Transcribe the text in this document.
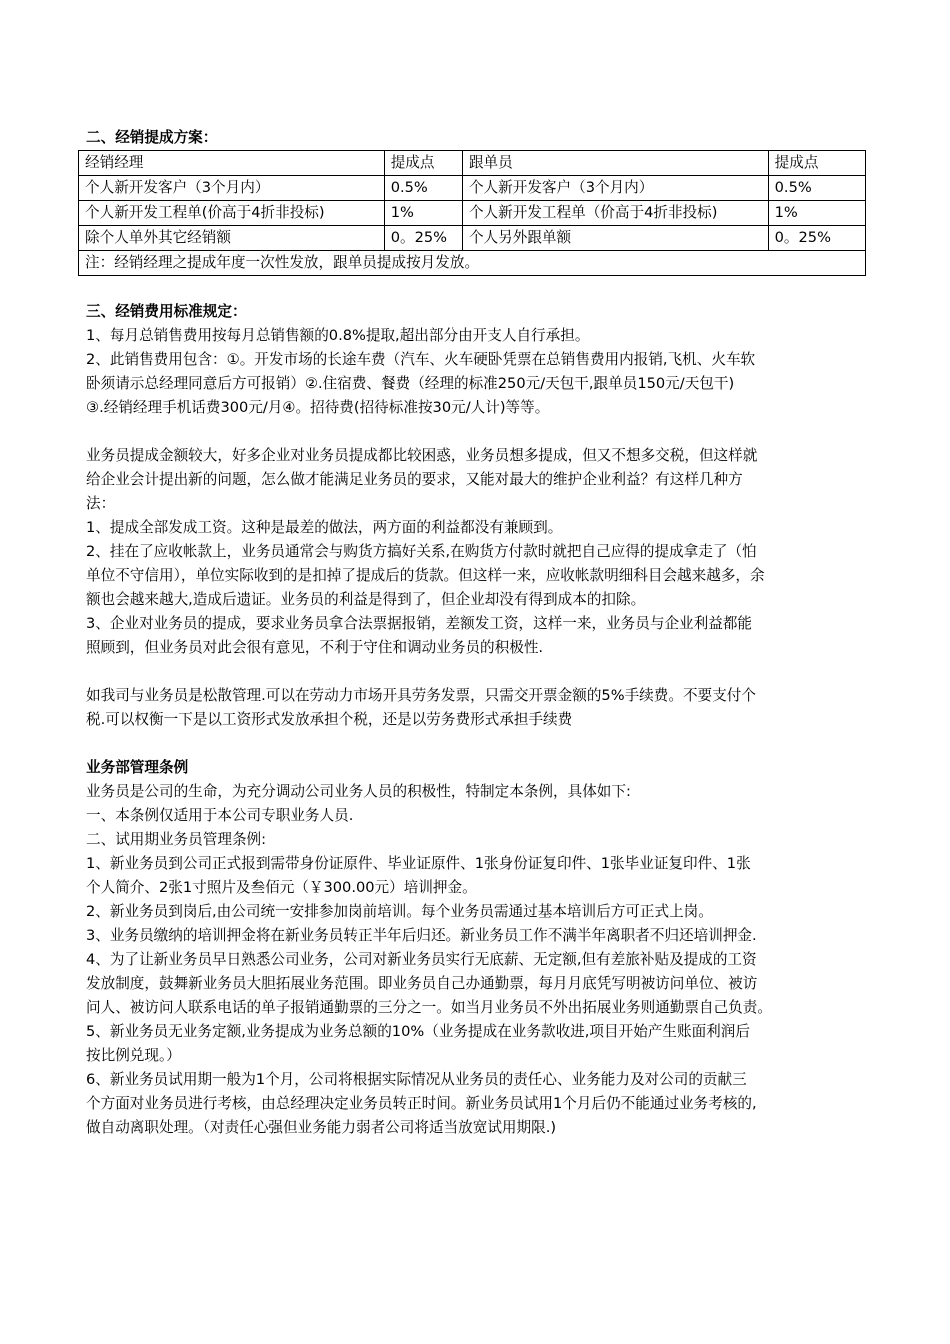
二、经销提成方案：
经销经理	提成点	跟单员	提成点
个人新开发客户（3个月内）	0.5%	个人新开发客户（3个月内）	0.5%
个人新开发工程单(价高于4折非投标)	1%	个人新开发工程单（价高于4折非投标)	1%
除个人单外其它经销额	0。25%	个人另外跟单额	0。25%
注：经销经理之提成年度一次性发放，跟单员提成按月发放。			
三、经销费用标准规定：
1、每月总销售费用按每月总销售额的0.8%提取,超出部分由开支人自行承担。
2、此销售费用包含：①。开发市场的长途车费（汽车、火车硬卧凭票在总销售费用内报销,飞机、火车软
卧须请示总经理同意后方可报销）②.住宿费、餐费（经理的标准250元/天包干,跟单员150元/天包干)
③.经销经理手机话费300元/月④。招待费(招待标准按30元/人计)等等。
业务员提成金额较大，好多企业对业务员提成都比较困惑，业务员想多提成，但又不想多交税，但这样就
给企业会计提出新的问题，怎么做才能满足业务员的要求，又能对最大的维护企业利益？有这样几种方
法：
1、提成全部发成工资。这种是最差的做法，两方面的利益都没有兼顾到。
2、挂在了应收帐款上，业务员通常会与购货方搞好关系,在购货方付款时就把自己应得的提成拿走了（怕
单位不守信用），单位实际收到的是扣掉了提成后的货款。但这样一来，应收帐款明细科目会越来越多，余
额也会越来越大,造成后遗证。业务员的利益是得到了，但企业却没有得到成本的扣除。
3、企业对业务员的提成，要求业务员拿合法票据报销，差额发工资，这样一来，业务员与企业利益都能
照顾到，但业务员对此会很有意见，不利于守住和调动业务员的积极性.
如我司与业务员是松散管理.可以在劳动力市场开具劳务发票，只需交开票金额的5%手续费。不要支付个
税.可以权衡一下是以工资形式发放承担个税，还是以劳务费形式承担手续费
业务部管理条例
业务员是公司的生命，为充分调动公司业务人员的积极性，特制定本条例，具体如下:
一、本条例仅适用于本公司专职业务人员.
二、试用期业务员管理条例:
1、新业务员到公司正式报到需带身份证原件、毕业证原件、1张身份证复印件、1张毕业证复印件、1张
个人简介、2张1寸照片及叁佰元（￥300.00元）培训押金。
2、新业务员到岗后,由公司统一安排参加岗前培训。每个业务员需通过基本培训后方可正式上岗。
3、业务员缴纳的培训押金将在新业务员转正半年后归还。新业务员工作不满半年离职者不归还培训押金.
4、为了让新业务员早日熟悉公司业务，公司对新业务员实行无底薪、无定额,但有差旅补贴及提成的工资
发放制度，鼓舞新业务员大胆拓展业务范围。即业务员自己办通勤票，每月月底凭写明被访问单位、被访
问人、被访问人联系电话的单子报销通勤票的三分之一。如当月业务员不外出拓展业务则通勤票自己负责。
5、新业务员无业务定额,业务提成为业务总额的10%（业务提成在业务款收进,项目开始产生账面利润后
按比例兑现。）
6、新业务员试用期一般为1个月，公司将根据实际情况从业务员的责任心、业务能力及对公司的贡献三
个方面对业务员进行考核，由总经理决定业务员转正时间。新业务员试用1个月后仍不能通过业务考核的,
做自动离职处理。（对责任心强但业务能力弱者公司将适当放宽试用期限.)
